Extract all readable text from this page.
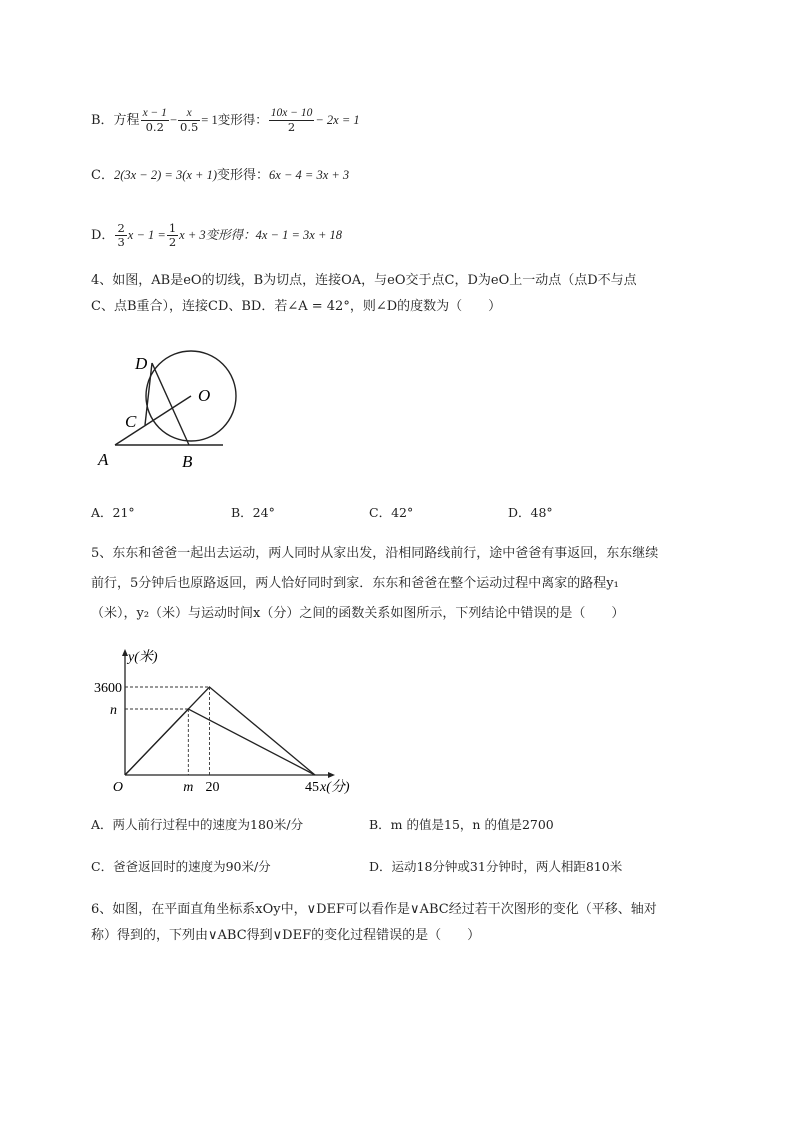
B．方程 $\frac{x - 1}{0.2} - \frac{x}{0.5} = 1$变形得： $\frac{10x - 10}{2} - 2x = 1$
C．2(3x − 2) = 3(x + 1)变形得：6x − 4 = 3x + 3
D． $\frac{2}{3}$ $x - 1 = \frac{1}{2}$ x + 3变形得：4x − 1 = 3x + 18
4、如图，AB是eO的切线，B为切点，连接OA，与eO交于点C，D为eO上一动点（点D不与点
C、点B重合），连接CD、BD．若∠A = 42°，则∠D的度数为（　　）
D
O
C
A	B
A．21°	B．24°	C．42°	D．48°
5、东东和爸爸一起出去运动，两人同时从家出发，沿相同路线前行，途中爸爸有事返回，东东继续
前行，5分钟后也原路返回，两人恰好同时到家．东东和爸爸在整个运动过程中离家的路程y₁
（米），y₂（米）与运动时间x（分）之间的函数关系如图所示，下列结论中错误的是（　　）
y(米)
45 x(分)
m 20
3600
n
O
A．两人前行过程中的速度为180米/分	B．m 的值是15，n 的值是2700
C．爸爸返回时的速度为90米/分	D．运动18分钟或31分钟时，两人相距810米
6、如图，在平面直角坐标系xOy中，∨DEF可以看作是∨ABC经过若干次图形的变化（平移、轴对
称）得到的，下列由∨ABC得到∨DEF的变化过程错误的是（　　）
